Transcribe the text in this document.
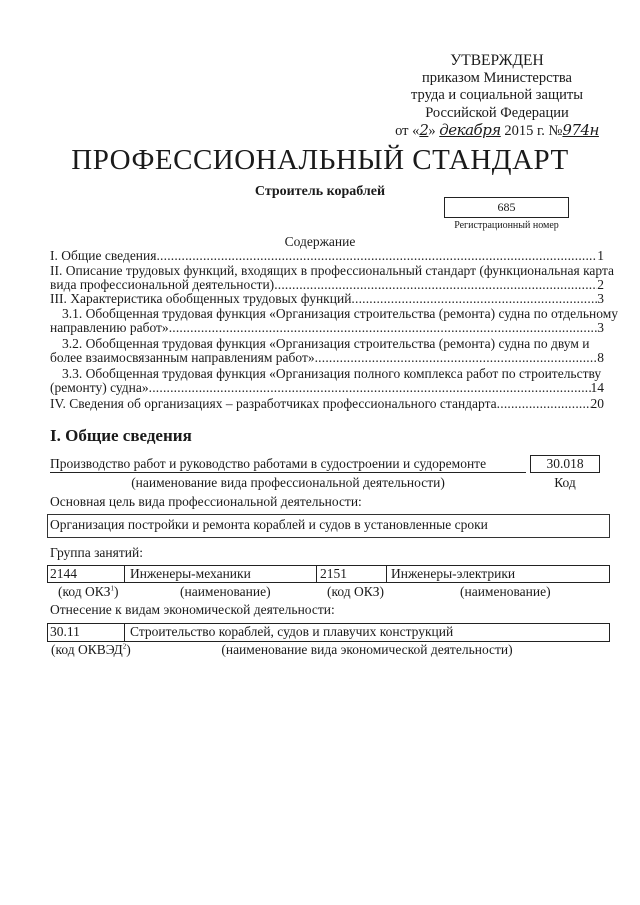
УТВЕРЖДЕН
приказом Министерства
труда и социальной защиты
Российской Федерации
от «2» декабря 2015 г. №974н
ПРОФЕССИОНАЛЬНЫЙ СТАНДАРТ
Строитель кораблей
685
Регистрационный номер
Содержание
I. Общие сведения .....	1
II. Описание трудовых функций, входящих в профессиональный стандарт (функциональная карта
вида профессиональной деятельности) .....	2
III. Характеристика обобщенных трудовых функций .....	3
3.1. Обобщенная трудовая функция «Организация строительства (ремонта) судна по отдельному
направлению работ» .....	3
3.2. Обобщенная трудовая функция «Организация строительства (ремонта) судна по двум и
более взаимосвязанным направлениям работ» .....	8
3.3. Обобщенная трудовая функция «Организация полного комплекса работ по строительству
(ремонту) судна» .....	14
IV. Сведения об организациях – разработчиках профессионального стандарта .....	20
I. Общие сведения
Производство работ и руководство работами в судостроении и судоремонте	30.018
(наименование вида профессиональной деятельности)	Код
Основная цель вида профессиональной деятельности:
Организация постройки и ремонта кораблей и судов в установленные сроки
Группа занятий:
2144	Инженеры-механики	2151	Инженеры-электрики
(код ОКЗ$^1$)	(наименование)	(код ОКЗ)	(наименование)
Отнесение к видам экономической деятельности:
30.11	Строительство кораблей, судов и плавучих конструкций
(код ОКВЭД$^2$)	(наименование вида экономической деятельности)
